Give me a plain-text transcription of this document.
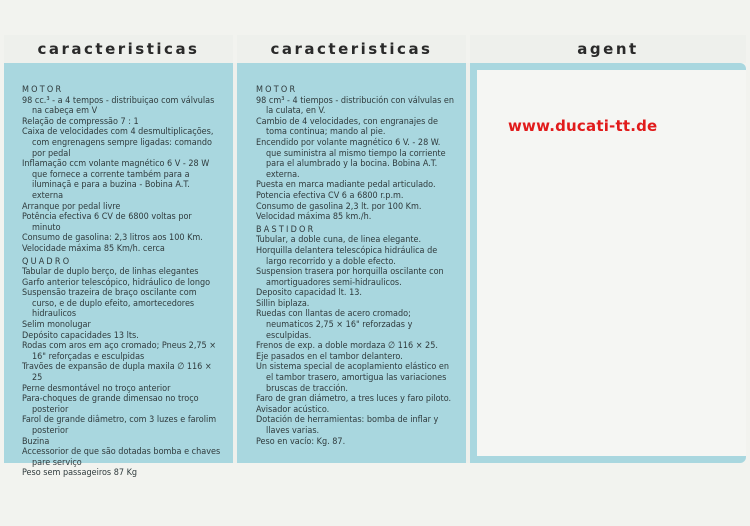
caracteristicas	caracteristicas	agent
MOTOR
98 cc.³ - a 4 tempos - distribuiçao com válvulas na cabeça em V
Relação de compressão 7 : 1
Caixa de velocidades com 4 desmultiplicações, com engrenagens sempre ligadas: comando por pedal
Inflamação ccm volante magnético 6 V - 28 W que fornece a corrente também para a iluminaçã e para a buzina - Bobina A.T. externa
Arranque por pedal livre
Potência efectiva 6 CV de 6800 voltas por minuto
Consumo de gasolina: 2,3 litros aos 100 Km.
Velocidade máxima 85 Km/h. cerca
QUADRO
Tabular de duplo berço, de linhas elegantes
Garfo anterior telescópico, hidráulico de longo
Suspensão trazeira de braço oscilante com curso, e de duplo efeito, amortecedores hidraulicos
Selim monolugar
Depósito capacidades 13 lts.
Rodas com aros em aço cromado; Pneus 2,75 × 16" reforçadas e esculpidas
Travões de expansão de dupla maxila ∅ 116 × 25
Perne desmontável no troço anterior
Para-choques de grande dimensao no troço posterior
Farol de grande diâmetro, com 3 luzes e farolim posterior
Buzina
Accessorior de que são dotadas bomba e chaves pare serviço
Peso sem passageiros 87 Kg
MOTOR
98 cm³ - 4 tiempos - distribución con válvulas en la culata, en V.
Cambio de 4 velocidades, con engranajes de toma continua; mando al pie.
Encendido por volante magnético 6 V. - 28 W. que suministra al mismo tiempo la corriente para el alumbrado y la bocina. Bobina A.T. externa.
Puesta en marca madiante pedal articulado.
Potencia efectiva CV 6 a 6800 r.p.m.
Consumo de gasolina 2,3 lt. por 100 Km.
Velocidad máxima 85 km./h.
BASTIDOR
Tubular, a doble cuna, de linea elegante.
Horquilla delantera telescópica hidráulica de largo recorrido y a doble efecto.
Suspension trasera por horquilla oscilante con amortiguadores semi-hidraulicos.
Deposito capacidad lt. 13.
Sillin biplaza.
Ruedas con llantas de acero cromado; neumaticos 2,75 × 16" reforzadas y esculpidas.
Frenos de exp. a doble mordaza ∅ 116 × 25.
Eje pasados en el tambor delantero.
Un sistema special de acoplamiento elástico en el tambor trasero, amortigua las variaciones bruscas de tracción.
Faro de gran diámetro, a tres luces y faro piloto.
Avisador acústico.
Dotación de herramientas: bomba de inflar y llaves varias.
Peso en vacío: Kg. 87.
www.ducati-tt.de
